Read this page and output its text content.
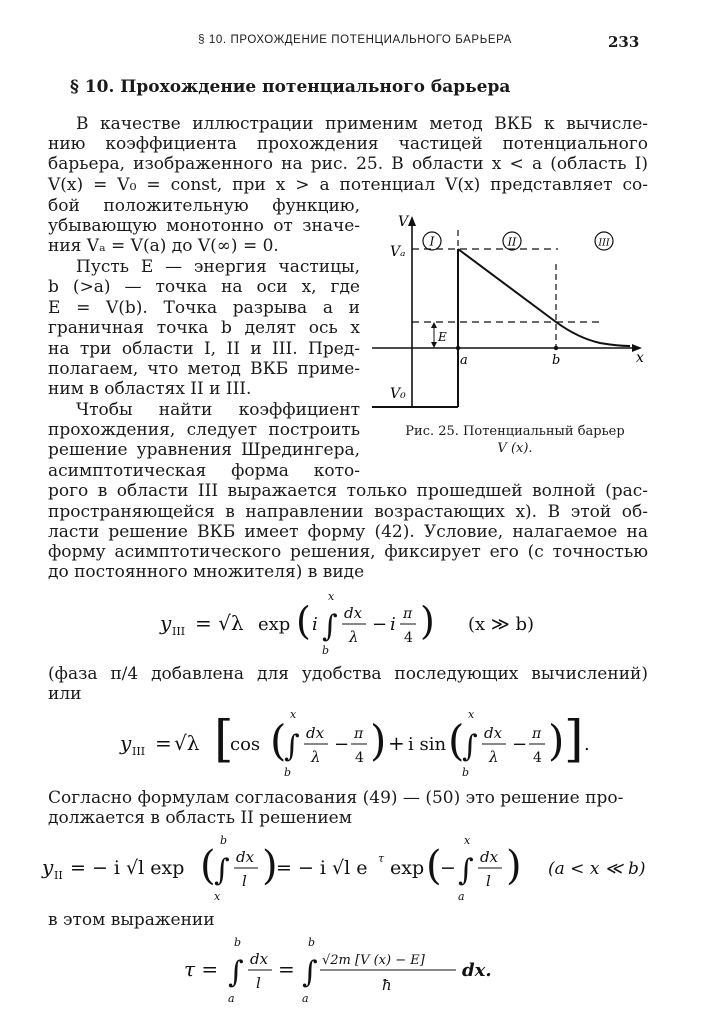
§ 10. ПРОХОЖДЕНИЕ ПОТЕНЦИАЛЬНОГО БАРЬЕРА	233
§ 10. Прохождение потенциального барьера
В качестве иллюстрации применим метод ВКБ к вычисле-
нию коэффициента прохождения частицей потенциального
барьера, изображенного на рис. 25. В области x < a (область I)
V(x) = V₀ = const, при x > a потенциал V(x) представляет со-
бой положительную функцию,
убывающую монотонно от значе-
ния Vₐ = V(a) до V(∞) = 0.
Пусть E — энергия частицы,
b (>a) — точка на оси x, где
E = V(b). Точка разрыва a и
граничная точка b делят ось x
на три области I, II и III. Пред-
полагаем, что метод ВКБ приме-
ним в областях II и III.
Чтобы найти коэффициент
прохождения, следует построить
решение уравнения Шредингера,
асимптотическая форма кото-
рого в области III выражается только прошедшей волной (рас-
пространяющейся в направлении возрастающих x). В этой об-
ласти решение ВКБ имеет форму (42). Условие, налагаемое на
форму асимптотического решения, фиксирует его (с точностью
до постоянного множителя) в виде
I	II	III
V
x
Vₐ
V₀
E
a	b
Рис. 25. Потенциальный барьер
V (x).
y III = √λ exp ( i ∫
x
b
dx
λ
− i π
4 ) (x ≫ b)
(фаза π/4 добавлена для удобства последующих вычислений)
или
y III = √λ [
cos (
∫
x
b
dx
λ
− π
4 ) + i sin (
∫
x
b
dx
λ
− π
4 ) ] .
Согласно формулам согласования (49) — (50) это решение про-
должается в область II решением
y II = − i √l exp (
∫
b
x
dx
l )
= − i √l e τ exp (
− ∫
x
a
dx
l ) (a < x ≪ b)
в этом выражении
τ = ∫
b
a
dx
l
= ∫
b
a
√2m [V (x) − E]
ħ
dx.
